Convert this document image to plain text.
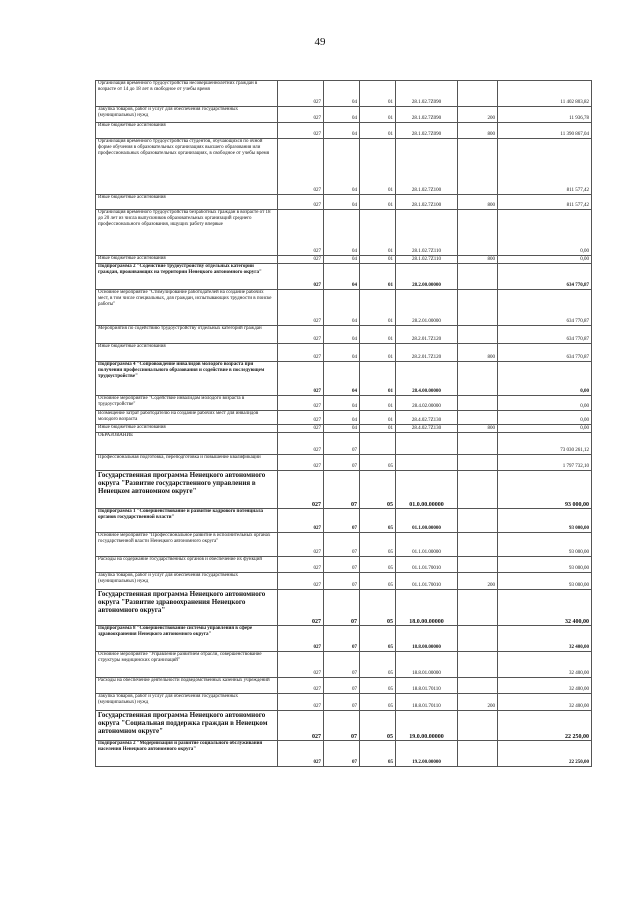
49
Организация временного трудоустройства несовершеннолетних граждан в возрасте от 14 до 18 лет в свободное от учебы время	027	04	01	28.1.02.7Z090		11 402 803,82
Закупка товаров, работ и услуг для обеспечения государственных (муниципальных) нужд	027	04	01	28.1.02.7Z090	200	11 936,78
Иные бюджетные ассигнования	027	04	01	28.1.02.7Z090	800	11 390 867,04
Организация временного трудоустройства студентов, обучающихся по очной форме обучения в образовательных организациях высшего образования или профессиональных образовательных организациях, в свободное от учебы время	027	04	01	28.1.02.7Z100		811 577,42
Иные бюджетные ассигнования	027	04	01	28.1.02.7Z100	800	811 577,42
Организация временного трудоустройства безработных граждан в возрасте от 18 до 20 лет из числа выпускников образовательных организаций среднего профессионального образования, ищущих работу впервые	027	04	01	28.1.02.7Z110		0,00
Иные бюджетные ассигнования	027	04	01	28.1.02.7Z110	800	0,00
Подпрограмма 2 "Содействие трудоустройству отдельных категорий граждан, проживающих на территории Ненецкого автономного округа"	027	04	01	28.2.00.00000		634 770,87
Основное мероприятие "Стимулирование работодателей на создание рабочих мест, в том числе специальных, для граждан, испытывающих трудности в поиске работы"	027	04	01	28.2.01.00000		634 770,87
Мероприятия по содействию трудоустройству отдельных категорий граждан	027	04	01	28.2.01.7Z120		634 770,87
Иные бюджетные ассигнования	027	04	01	28.2.01.7Z120	800	634 770,87
Подпрограмма 4 "Сопровождение инвалидов молодого возраста при получении профессионального образования и содействие в последующем трудоустройстве"	027	04	01	28.4.00.00000		0,00
Основное мероприятие "Содействие инвалидам молодого возраста в трудоустройстве"	027	04	01	28.4.02.00000		0,00
Возмещение затрат работодателю на создание рабочих мест для инвалидов молодого возраста	027	04	01	28.4.02.7Z130		0,00
Иные бюджетные ассигнования	027	04	01	28.4.02.7Z130	800	0,00
ОБРАЗОВАНИЕ	027	07				73 030 261,12
Профессиональная подготовка, переподготовка и повышение квалификации	027	07	05			1 797 732,10
Государственная программа Ненецкого автономного округа "Развитие государственного управления в Ненецком автономном округе"	027	07	05	01.0.00.00000		93 000,00
Подпрограмма 1 "Совершенствование и развитие кадрового потенциала органов государственной власти"	027	07	05	01.1.00.00000		93 000,00
Основное мероприятие "Профессиональное развитие в исполнительных органах государственной власти Ненецкого автономного округа"	027	07	05	01.1.01.00000		93 000,00
Расходы на содержание государственных органов и обеспечение их функций	027	07	05	01.1.01.70010		93 000,00
Закупка товаров, работ и услуг для обеспечения государственных (муниципальных) нужд	027	07	05	01.1.01.70010	200	93 000,00
Государственная программа Ненецкого автономного округа "Развитие здравоохранения Ненецкого автономного округа"	027	07	05	18.0.00.00000		32 400,00
Подпрограмма 8 "Совершенствование системы управления в сфере здравоохранения Ненецкого автономного округа"	027	07	05	18.8.00.00000		32 400,00
Основное мероприятие "Управление развитием отрасли, совершенствование структуры медицинских организаций"	027	07	05	18.8.01.00000		32 400,00
Расходы на обеспечение деятельности подведомственных казённых учреждений	027	07	05	18.8.01.70110		32 400,00
Закупка товаров, работ и услуг для обеспечения государственных (муниципальных) нужд	027	07	05	18.8.01.70110	200	32 400,00
Государственная программа Ненецкого автономного округа "Социальная поддержка граждан в Ненецком автономном округе"	027	07	05	19.0.00.00000		22 250,00
Подпрограмма 2 "Модернизация и развитие социального обслуживания населения Ненецкого автономного округа"	027	07	05	19.2.00.00000		22 250,00
